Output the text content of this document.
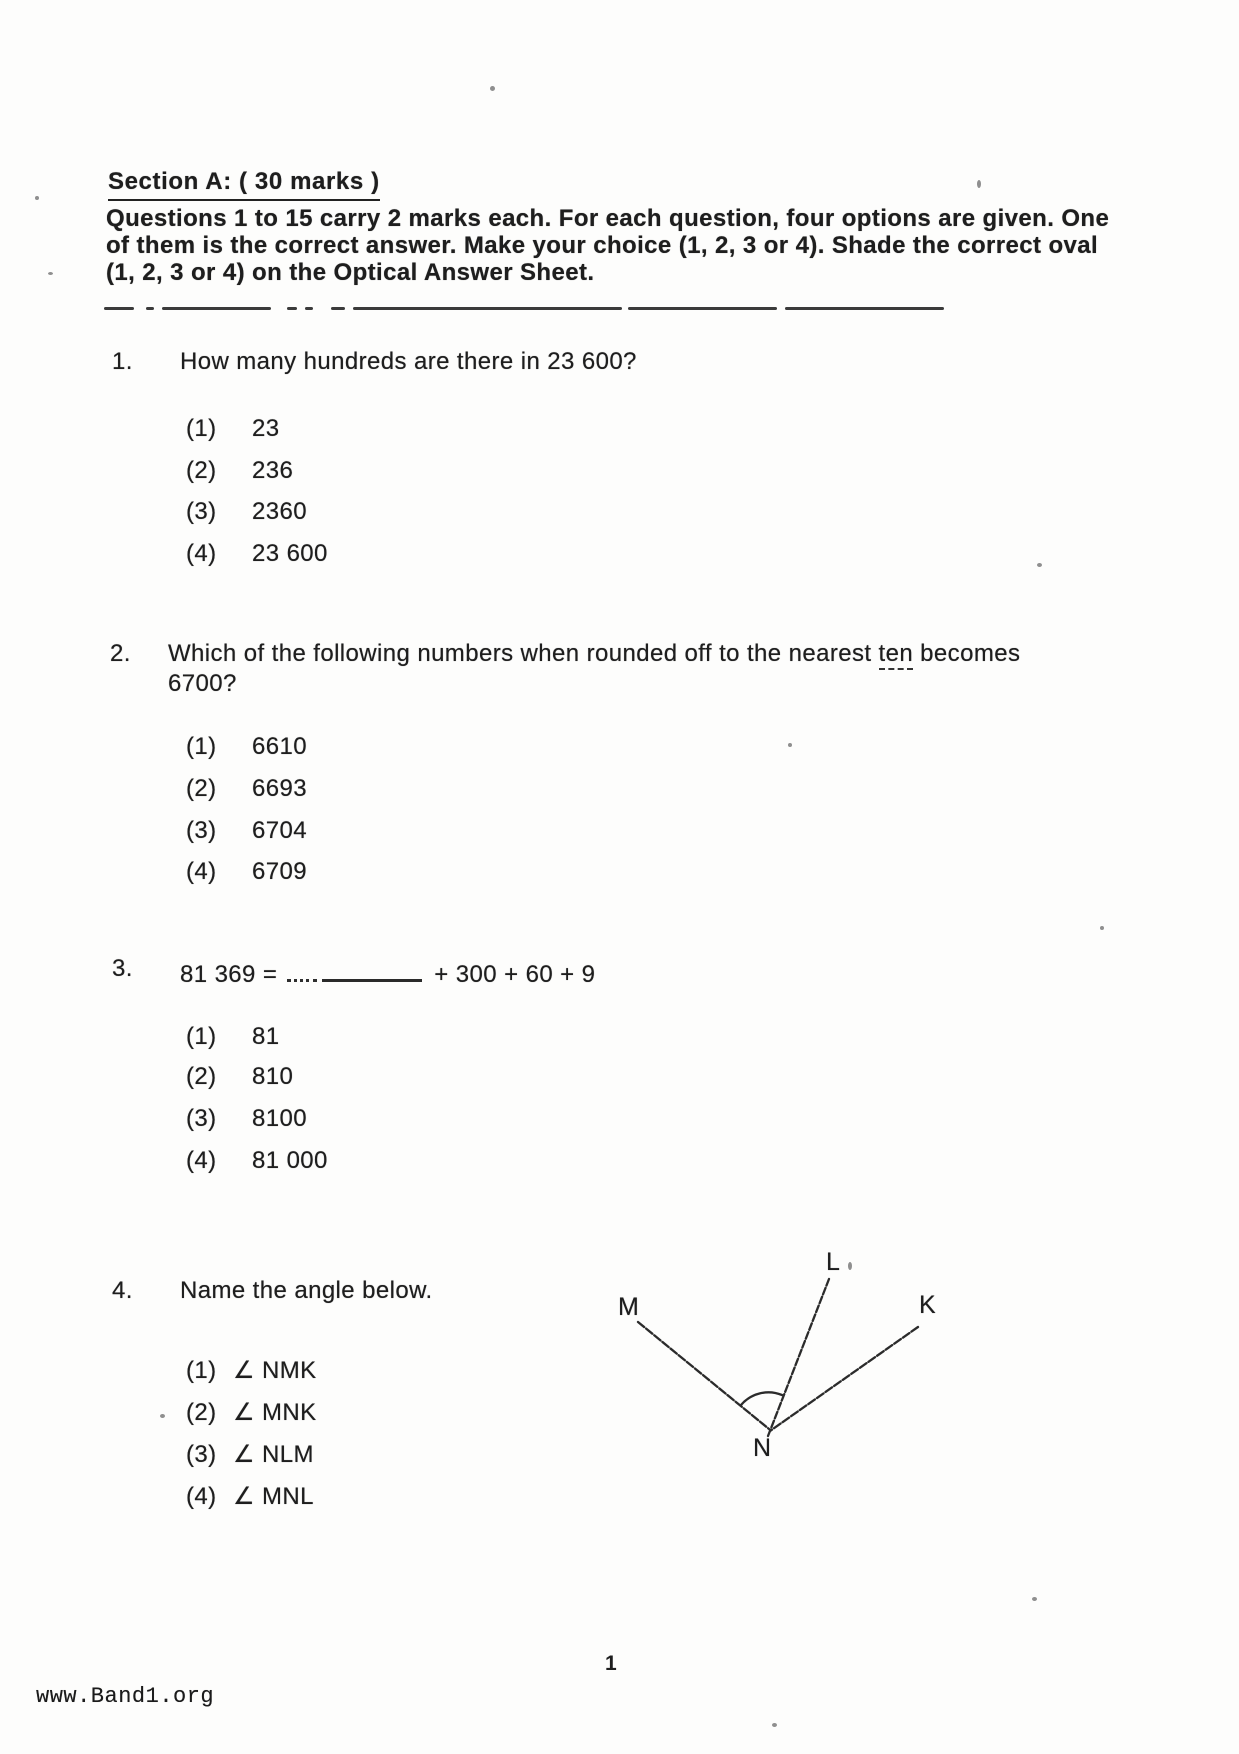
Section A: ( 30 marks )
Questions 1 to 15 carry 2 marks each. For each question, four options are given. One
of them is the correct answer. Make your choice (1, 2, 3 or 4). Shade the correct oval
(1, 2, 3 or 4) on the Optical Answer Sheet.
1. How many hundreds are there in 23 600?
(1) 23
(2) 236
(3) 2360
(4) 23 600
2. Which of the following numbers when rounded off to the nearest ten becomes
6700?
(1) 6610
(2) 6693
(3) 6704
(4) 6709
3. 81 369 =	+ 300 + 60 + 9
(1) 81
(2) 810
(3) 8100
(4) 81 000
4. Name the angle below.
(1) ∠ NMK
(2) ∠ MNK
(3) ∠ NLM
(4) ∠ MNL
M
L
K
N
1
www.Band1.org
